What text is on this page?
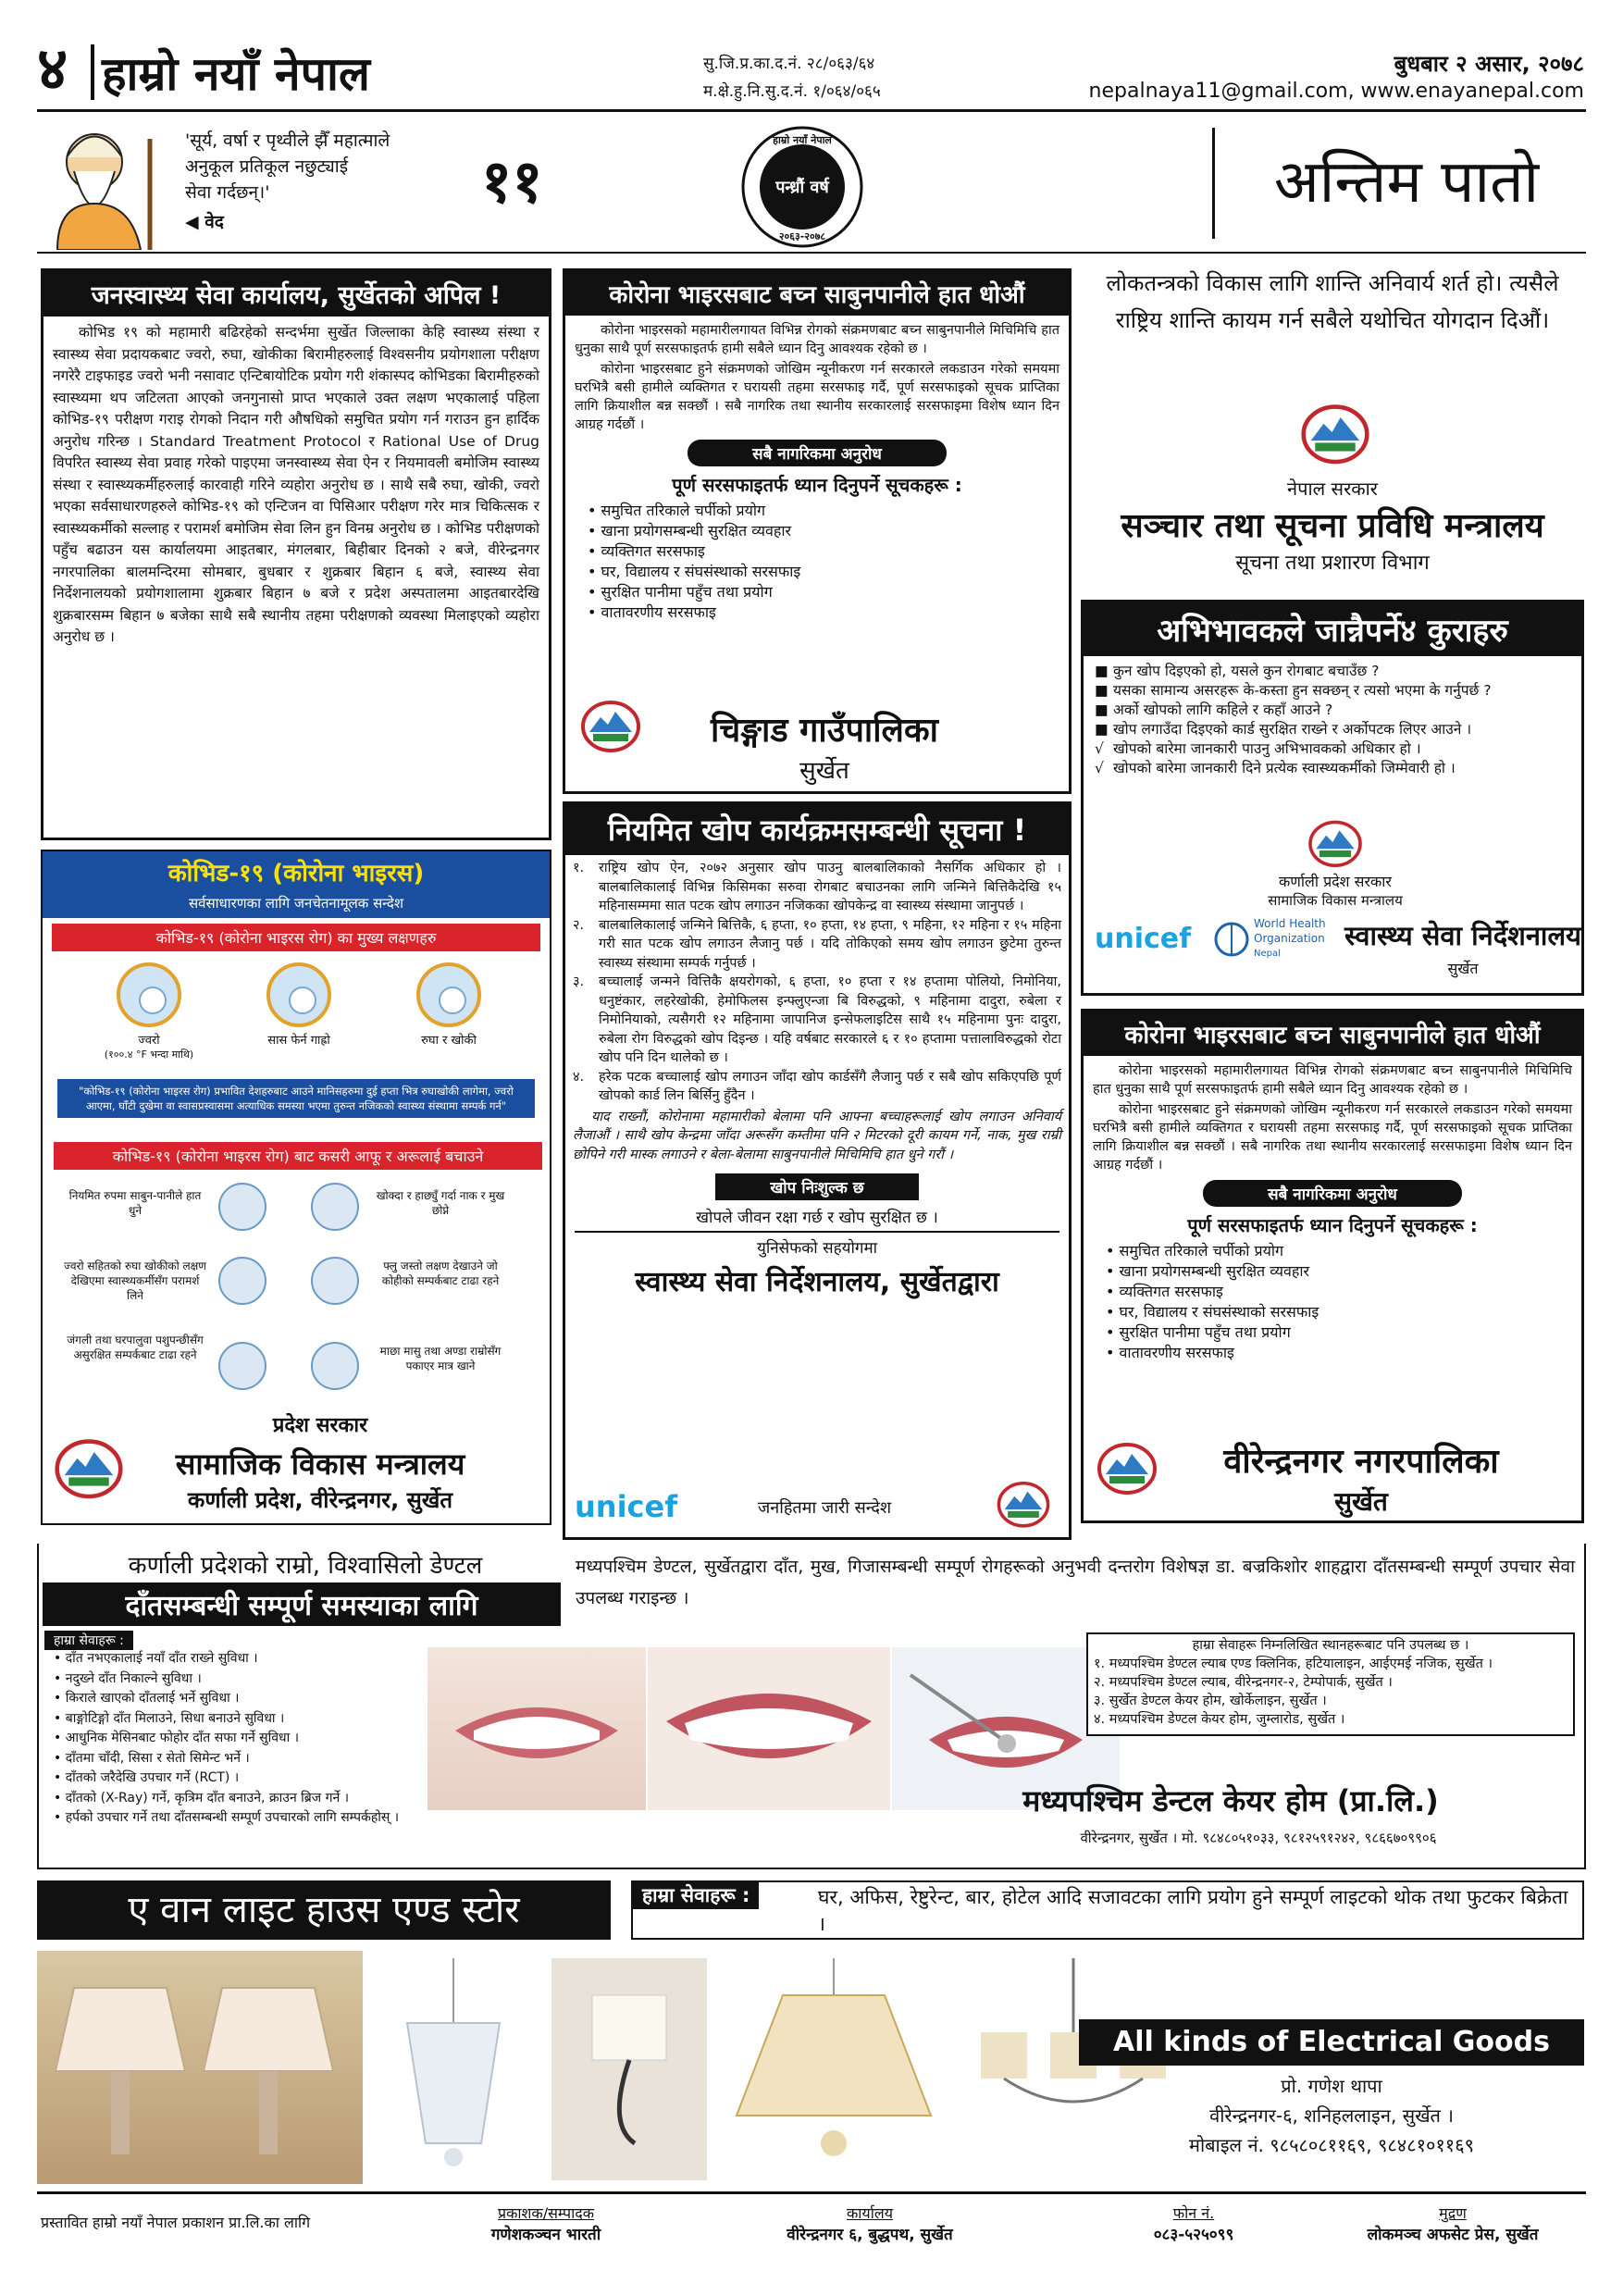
४ हाम्रो नयाँ नेपाल	सु.जि.प्र.का.द.नं. २८/०६३/६४
म.क्षे.हु.नि.सु.द.नं. १/०६४/०६५
बुधबार २ असार, २०७८
nepalnaya11@gmail.com, www.enayanepal.com
'सूर्य, वर्षा र पृथ्वीले झैँ महात्माले
अनुकूल प्रतिकूल नछुट्याई
सेवा गर्दछन्।'
◀ वेद
११
हाम्रो नयाँ नेपाल
पन्ध्रौं वर्ष
२०६३-२०७८
अन्तिम पातो
जनस्वास्थ्य सेवा कार्यालय, सुर्खेतको अपिल !

कोभिड १९ को महामारी बढिरहेको सन्दर्भमा सुर्खेत जिल्लाका केहि स्वास्थ्य संस्था र स्वास्थ्य सेवा प्रदायकबाट ज्वरो, रुघा, खोकीका बिरामीहरुलाई विश्वसनीय प्रयोगशाला परीक्षण नगरेरै टाइफाइड ज्वरो भनी नसावाट एन्टिबायोटिक प्रयोग गरी शंकास्पद कोभिडका बिरामीहरुको स्वास्थ्यमा थप जटिलता आएको जनगुनासो प्राप्त भएकाले उक्त लक्षण भएकालाई पहिला कोभिड-१९ परीक्षण गराइ रोगको निदान गरी औषधिको समुचित प्रयोग गर्न गराउन हुन हार्दिक अनुरोध गरिन्छ । Standard Treatment Protocol र Rational Use of Drug विपरित स्वास्थ्य सेवा प्रवाह गरेको पाइएमा जनस्वास्थ्य सेवा ऐन र नियमावली बमोजिम स्वास्थ्य संस्था र स्वास्थ्यकर्मीहरुलाई कारवाही गरिने व्यहोरा अनुरोध छ । साथै सबै रुघा, खोकी, ज्वरो भएका सर्वसाधारणहरुले कोभिड-१९ को एन्टिजन वा पिसिआर परीक्षण गरेर मात्र चिकित्सक र स्वास्थ्यकर्मीको सल्लाह र परामर्श बमोजिम सेवा लिन हुन विनम्र अनुरोध छ । कोभिड परीक्षणको पहुँच बढाउन यस कार्यालयमा आइतबार, मंगलबार, बिहीबार दिनको २ बजे, वीरेन्द्रनगर नगरपालिका बालमन्दिरमा सोमबार, बुधबार र शुक्रबार बिहान ६ बजे, स्वास्थ्य सेवा निर्देशनालयको प्रयोगशालामा शुक्रबार बिहान ७ बजे र प्रदेश अस्पतालमा आइतबारदेखि शुक्रबारसम्म बिहान ७ बजेका साथै सबै स्थानीय तहमा परीक्षणको व्यवस्था मिलाइएको व्यहोरा अनुरोध छ ।

कोरोना भाइरसबाट बच्न साबुनपानीले हात धोऔं

कोरोना भाइरसको महामारीलगायत विभिन्न रोगको संक्रमणबाट बच्न साबुनपानीले मिचिमिचि हात धुनुका साथै पूर्ण सरसफाइतर्फ हामी सबैले ध्यान दिनु आवश्यक रहेको छ ।

कोरोना भाइरसबाट हुने संक्रमणको जोखिम न्यूनीकरण गर्न सरकारले लकडाउन गरेको समयमा घरभित्रै बसी हामीले व्यक्तिगत र घरायसी तहमा सरसफाइ गर्दै, पूर्ण सरसफाइको सूचक प्राप्तिका लागि क्रियाशील बन्न सक्छौं । सबै नागरिक तथा स्थानीय सरकारलाई सरसफाइमा विशेष ध्यान दिन आग्रह गर्दछौं ।

सबै नागरिकमा अनुरोध
पूर्ण सरसफाइतर्फ ध्यान दिनुपर्ने सूचकहरू :
• समुचित तरिकाले चर्पीको प्रयोग
• खाना प्रयोगसम्बन्धी सुरक्षित व्यवहार
• व्यक्तिगत सरसफाइ
• घर, विद्यालय र संघसंस्थाको सरसफाइ
• सुरक्षित पानीमा पहुँच तथा प्रयोग
• वातावरणीय सरसफाइ
चिङ्गाड गाउँपालिका
सुर्खेत
लोकतन्त्रको विकास लागि शान्ति अनिवार्य शर्त हो। त्यसैले राष्ट्रिय शान्ति कायम गर्न सबैले यथोचित योगदान दिऔं।
नेपाल सरकार
सञ्चार तथा सूचना प्रविधि मन्त्रालय
सूचना तथा प्रशारण विभाग
अभिभावकले जान्नैपर्ने४ कुराहरु
■ कुन खोप दिइएको हो, यसले कुन रोगबाट बचाउँछ ?
■ यसका सामान्य असरहरू के-कस्ता हुन सक्छन् र त्यसो भएमा के गर्नुपर्छ ?
■ अर्को खोपको लागि कहिले र कहाँ आउने ?
■ खोप लगाउँदा दिइएको कार्ड सुरक्षित राख्ने र अर्कोपटक लिएर आउने ।
√ खोपको बारेमा जानकारी पाउनु अभिभावकको अधिकार हो ।
√ खोपको बारेमा जानकारी दिने प्रत्येक स्वास्थ्यकर्मीको जिम्मेवारी हो ।
कर्णाली प्रदेश सरकार
सामाजिक विकास मन्त्रालय
unicef	World Health
Organization
Nepal
स्वास्थ्य सेवा निर्देशनालय
सुर्खेत
नियमित खोप कार्यक्रमसम्बन्धी सूचना !
१.	राष्ट्रिय खोप ऐन, २०७२ अनुसार खोप पाउनु बालबालिकाको नैसर्गिक अधिकार हो । बालबालिकालाई विभिन्न किसिमका सरुवा रोगबाट बचाउनका लागि जन्मिने बित्तिकैदेखि १५ महिनासम्ममा सात पटक खोप लगाउन नजिकका खोपकेन्द्र वा स्वास्थ्य संस्थामा जानुपर्छ ।
२.	बालबालिकालाई जन्मिने बित्तिकै, ६ हप्ता, १० हप्ता, १४ हप्ता, ९ महिना, १२ महिना र १५ महिना गरी सात पटक खोप लगाउन लैजानु पर्छ । यदि तोकिएको समय खोप लगाउन छुटेमा तुरुन्त स्वास्थ्य संस्थामा सम्पर्क गर्नुपर्छ ।
३.	बच्चालाई जन्मने वित्तिकै क्षयरोगको, ६ हप्ता, १० हप्ता र १४ हप्तामा पोलियो, निमोनिया, धनुष्टंकार, लहरेखोकी, हेमोफिलस इन्फ्लुएन्जा बि विरुद्धको, ९ महिनामा दादुरा, रुबेला र निमोनियाको, त्यसैगरी १२ महिनामा जापानिज इन्सेफलाइटिस साथै १५ महिनामा पुनः दादुरा, रुबेला रोग विरुद्धको खोप दिइन्छ । यहि वर्षबाट सरकारले ६ र १० हप्तामा पत्तालाविरुद्धको रोटा खोप पनि दिन थालेको छ ।
४.	हरेक पटक बच्चालाई खोप लगाउन जाँदा खोप कार्डसँगै लैजानु पर्छ र सबै खोप सकिएपछि पूर्ण खोपको कार्ड लिन बिर्सिनु हुँदैन ।
याद राख्नौं, कोरोनामा महामारीको बेलामा पनि आफ्ना बच्चाहरूलाई खोप लगाउन अनिवार्य लैजाऔं । साथै खोप केन्द्रमा जाँदा अरूसँग कम्तीमा पनि २ मिटरको दूरी कायम गर्ने, नाक, मुख राम्री छोपिने गरी मास्क लगाउने र बेला-बेलामा साबुनपानीले मिचिमिचि हात धुने गरौं ।
खोप निःशुल्क छ
खोपले जीवन रक्षा गर्छ र खोप सुरक्षित छ ।
युनिसेफको सहयोगमा
स्वास्थ्य सेवा निर्देशनालय, सुर्खेतद्वारा
unicef	जनहितमा जारी सन्देश
कोरोना भाइरसबाट बच्न साबुनपानीले हात धोऔं

कोरोना भाइरसको महामारीलगायत विभिन्न रोगको संक्रमणबाट बच्न साबुनपानीले मिचिमिचि हात धुनुका साथै पूर्ण सरसफाइतर्फ हामी सबैले ध्यान दिनु आवश्यक रहेको छ ।

कोरोना भाइरसबाट हुने संक्रमणको जोखिम न्यूनीकरण गर्न सरकारले लकडाउन गरेको समयमा घरभित्रै बसी हामीले व्यक्तिगत र घरायसी तहमा सरसफाइ गर्दै, पूर्ण सरसफाइको सूचक प्राप्तिका लागि क्रियाशील बन्न सक्छौं । सबै नागरिक तथा स्थानीय सरकारलाई सरसफाइमा विशेष ध्यान दिन आग्रह गर्दछौं ।

सबै नागरिकमा अनुरोध
पूर्ण सरसफाइतर्फ ध्यान दिनुपर्ने सूचकहरू :
• समुचित तरिकाले चर्पीको प्रयोग
• खाना प्रयोगसम्बन्धी सुरक्षित व्यवहार
• व्यक्तिगत सरसफाइ
• घर, विद्यालय र संघसंस्थाको सरसफाइ
• सुरक्षित पानीमा पहुँच तथा प्रयोग
• वातावरणीय सरसफाइ
वीरेन्द्रनगर नगरपालिका
सुर्खेत
कोभिड-१९ (कोरोना भाइरस)
सर्वसाधारणका लागि जनचेतनामूलक सन्देश
कोभिड-१९ (कोरोना भाइरस रोग) का मुख्य लक्षणहरु
ज्वरो
(१००.४ °F भन्दा माथि)
सास फेर्न गाह्रो	रुघा र खोकी
"कोभिड-१९ (कोरोना भाइरस रोग) प्रभावित देशहरुबाट आउने मानिसहरुमा दुई हप्ता भित्र रुघाखोकी लागेमा, ज्वरो आएमा, घाँटी दुखेमा वा स्वासप्रस्वासमा अत्याधिक समस्या भएमा तुरुन्त नजिकको स्वास्थ्य संस्थामा सम्पर्क गर्न"
कोभिड-१९ (कोरोना भाइरस रोग) बाट कसरी आफू र अरूलाई बचाउने
नियमित रुपमा साबुन-पानीले हात धुने
खोक्दा र हाछ्युँ गर्दा नाक र मुख छोप्ने
ज्वरो सहितको रुघा खोकीको लक्षण देखिएमा स्वास्थ्यकर्मीसँग परामर्श लिने
फ्लु जस्तो लक्षण देखाउने जो कोहीको सम्पर्कबाट टाढा रहने
जंगली तथा घरपालुवा पशुपन्छीसँग असुरक्षित सम्पर्कबाट टाढा रहने	माछा मासु तथा अण्डा राम्रोसँग पकाएर मात्र खाने
प्रदेश सरकार
सामाजिक विकास मन्त्रालय
कर्णाली प्रदेश, वीरेन्द्रनगर, सुर्खेत
कर्णाली प्रदेशको राम्रो, विश्वासिलो डेण्टल
दाँतसम्बन्धी सम्पूर्ण समस्याका लागि
मध्यपश्चिम डेण्टल, सुर्खेतद्वारा दाँत, मुख, गिजासम्बन्धी सम्पूर्ण रोगहरूको अनुभवी दन्तरोग विशेषज्ञ डा. बज्रकिशोर शाहद्वारा दाँतसम्बन्धी सम्पूर्ण उपचार सेवा उपलब्ध गराइन्छ ।
हाम्रा सेवाहरू :
• दाँत नभएकालाई नयाँ दाँत राख्ने सुविधा ।
• नदुख्ने दाँत निकाल्ने सुविधा ।
• किराले खाएको दाँतलाई भर्ने सुविधा ।
• बाङ्गोटिङ्गो दाँत मिलाउने, सिधा बनाउने सुविधा ।
• आधुनिक मेसिनबाट फोहोर दाँत सफा गर्ने सुविधा ।
• दाँतमा चाँदी, सिसा र सेतो सिमेन्ट भर्ने ।
• दाँतको जरैदेखि उपचार गर्ने (RCT) ।
• दाँतको (X-Ray) गर्ने, कृत्रिम दाँत बनाउने, क्राउन ब्रिज गर्ने ।
• हर्पको उपचार गर्ने तथा दाँतसम्बन्धी सम्पूर्ण उपचारको लागि सम्पर्कहोस् ।
हाम्रा सेवाहरू निम्नलिखित स्थानहरूबाट पनि उपलब्ध छ ।
१. मध्यपश्चिम डेण्टल ल्याब एण्ड क्लिनिक, हटियालाइन, आईएमई नजिक, सुर्खेत ।
२. मध्यपश्चिम डेण्टल ल्याब, वीरेन्द्रनगर-२, टेम्पोपार्क, सुर्खेत ।
३. सुर्खेत डेण्टल केयर होम, खोर्केलाइन, सुर्खेत ।
४. मध्यपश्चिम डेण्टल केयर होम, जुम्लारोड, सुर्खेत ।
मध्यपश्चिम डेन्टल केयर होम (प्रा.लि.)
वीरेन्द्रनगर, सुर्खेत । मो. ९८४८०५१०३३, ९८१२५९१२४२, ९८६६७०९९०६
ए वान लाइट हाउस एण्ड स्टोर	हाम्रा सेवाहरू :	घर, अफिस, रेष्टुरेन्ट, बार, होटेल आदि सजावटका लागि प्रयोग हुने सम्पूर्ण लाइटको थोक तथा फुटकर बिक्रेता ।
All kinds of Electrical Goods
प्रो. गणेश थापा
वीरेन्द्रनगर-६, शनिहललाइन, सुर्खेत ।
मोबाइल नं. ९८५८०८११६९, ९८४८१०११६९
प्रस्तावित हाम्रो नयाँ नेपाल प्रकाशन प्रा.लि.का लागि
प्रकाशक/सम्पादक
गणेशकञ्चन भारती
कार्यालय
वीरेन्द्रनगर ६, बुद्धपथ, सुर्खेत
फोन नं.
०८३-५२५०९९
मुद्रण
लोकमञ्च अफसेट प्रेस, सुर्खेत
